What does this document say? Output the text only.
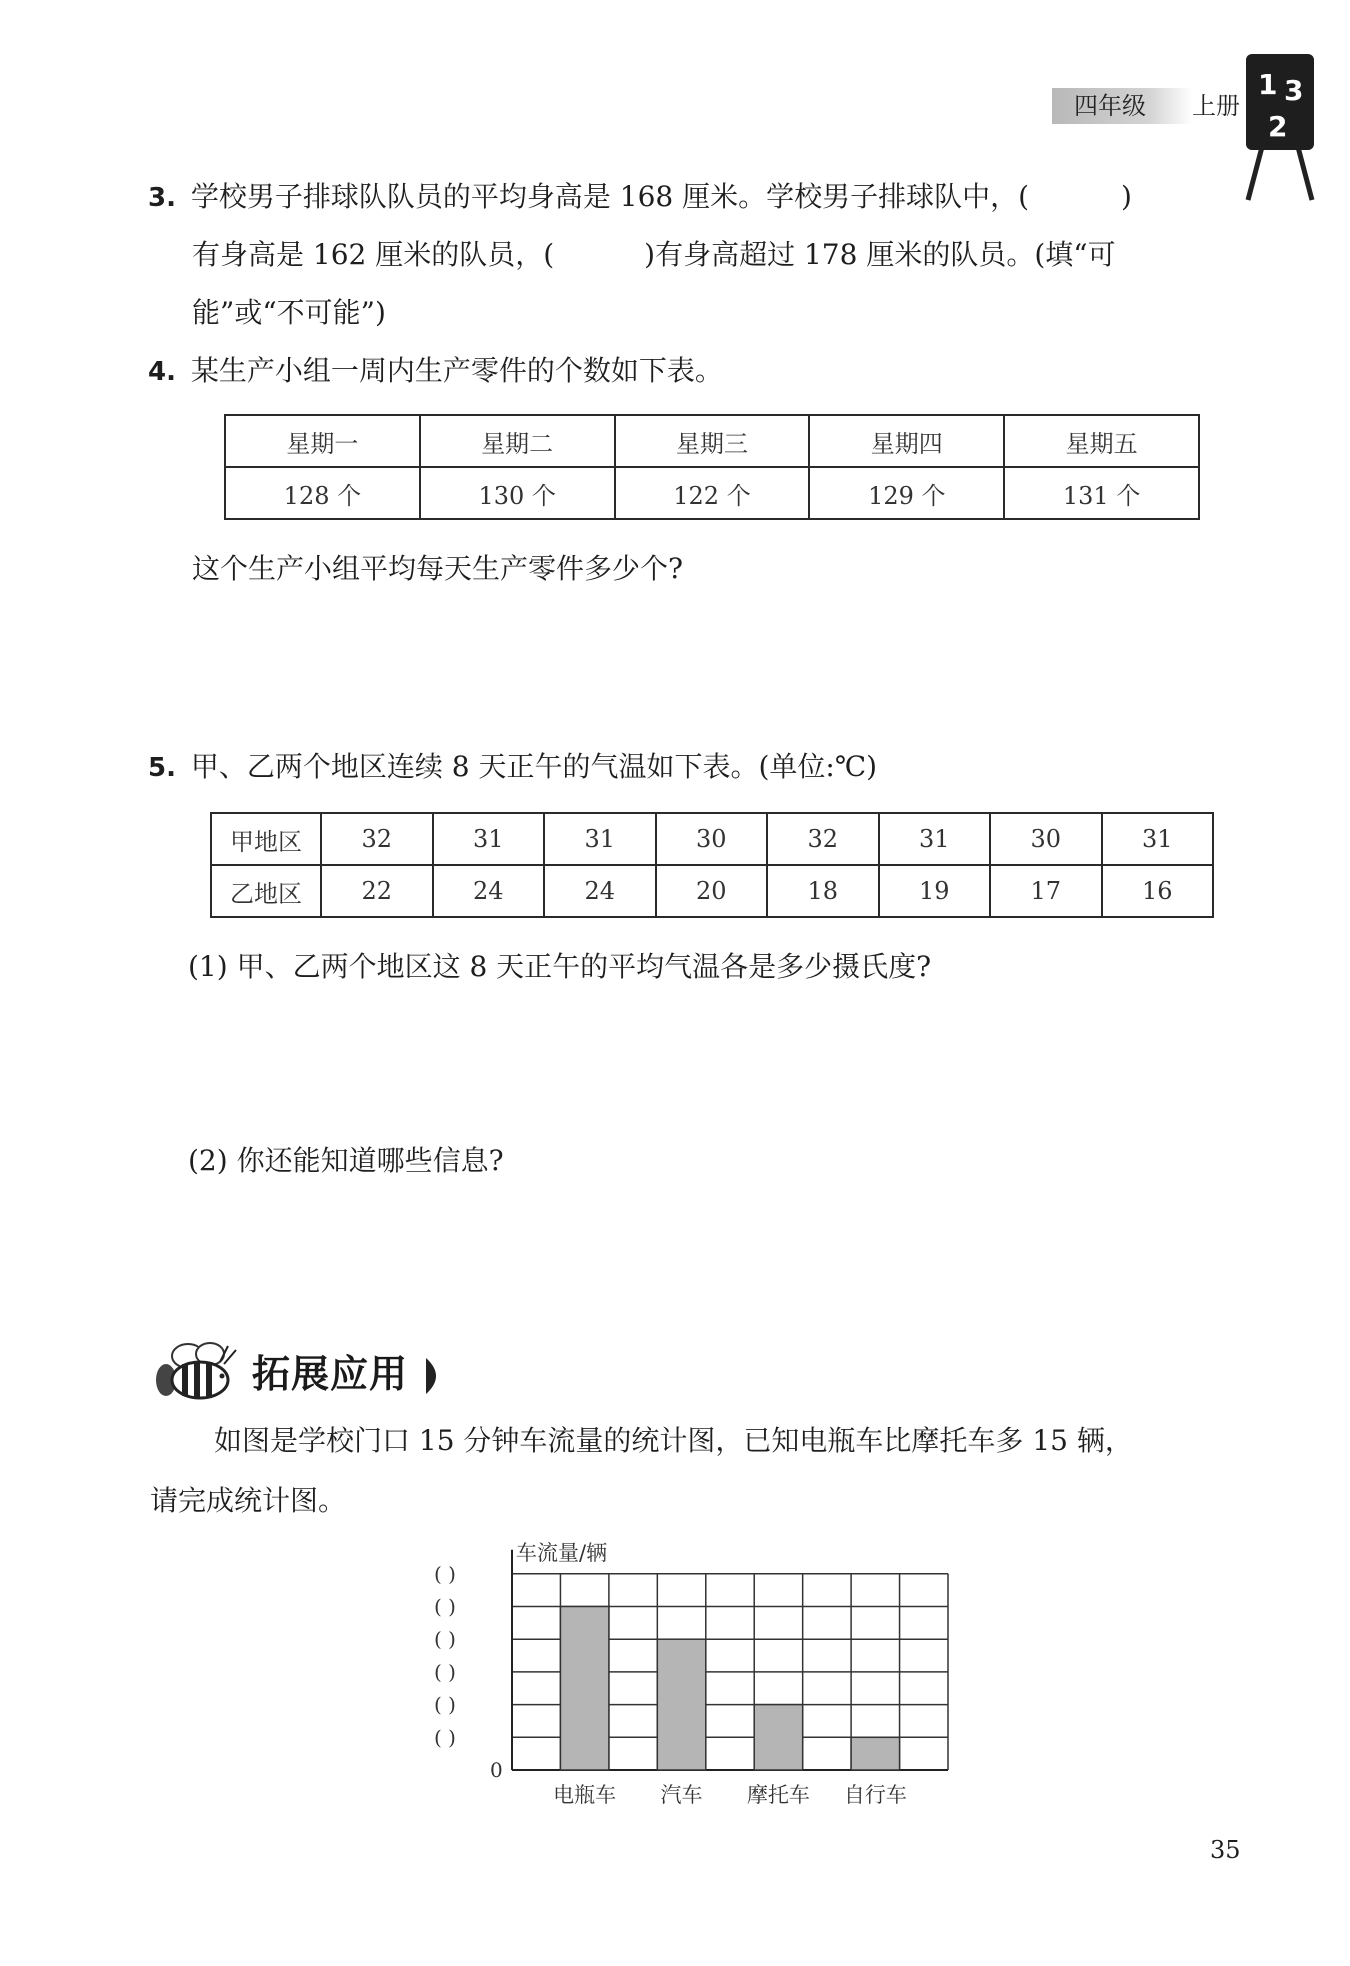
四年级	上册
1 3
2
3. 学校男子排球队队员的平均身高是 168 厘米。学校男子排球队中，(	)
有身高是 162 厘米的队员，(	)有身高超过 178 厘米的队员。(填“可
能”或“不可能”)
4. 某生产小组一周内生产零件的个数如下表。
星期一	星期二	星期三	星期四	星期五
128 个	130 个	122 个	129 个	131 个
这个生产小组平均每天生产零件多少个?
5. 甲、乙两个地区连续 8 天正午的气温如下表。(单位:℃)
甲地区	32	31	31	30	32	31	30	31
乙地区	22	24	24	20	18	19	17	16
(1) 甲、乙两个地区这 8 天正午的平均气温各是多少摄氏度?
(2) 你还能知道哪些信息?
拓展应用
如图是学校门口 15 分钟车流量的统计图，已知电瓶车比摩托车多 15 辆，
请完成统计图。
车流量/辆
0
( )
( )
( )
( )
( )
( )
电瓶车 汽车 摩托车 自行车
35
